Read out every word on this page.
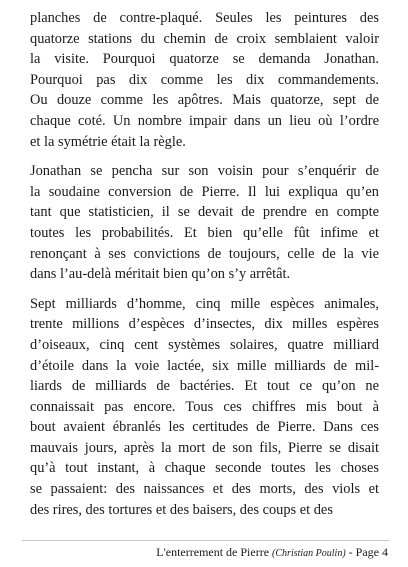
planches de contre-plaqué. Seules les peintures des
quatorze stations du chemin de croix semblaient valoir
la visite. Pourquoi quatorze se demanda Jonathan.
Pourquoi pas dix comme les dix commandements.
Ou douze comme les apôtres. Mais quatorze, sept de
chaque coté. Un nombre impair dans un lieu où l’ordre
et la symétrie était la règle.

Jonathan se pencha sur son voisin pour s’enquérir de
la soudaine conversion de Pierre. Il lui expliqua qu’en
tant que statisticien, il se devait de prendre en compte
toutes les probabilités. Et bien qu’elle fût infime et
renonçant à ses convictions de toujours, celle de la vie
dans l’au-delà méritait bien qu’on s’y arrêtât.

Sept milliards d’homme, cinq mille espèces animales,
trente millions d’espèces d’insectes, dix milles espères
d’oiseaux, cinq cent systèmes solaires, quatre milliard
d’étoile dans la voie lactée, six mille milliards de mil-
liards de milliards de bactéries. Et tout ce qu’on ne
connaissait pas encore. Tous ces chiffres mis bout à
bout avaient ébranlés les certitudes de Pierre. Dans ces
mauvais jours, après la mort de son fils, Pierre se disait
qu’à tout instant, à chaque seconde toutes les choses
se passaient: des naissances et des morts, des viols et
des rires, des tortures et des baisers, des coups et des

L'enterrement de Pierre (Christian Poulin) - Page 4
